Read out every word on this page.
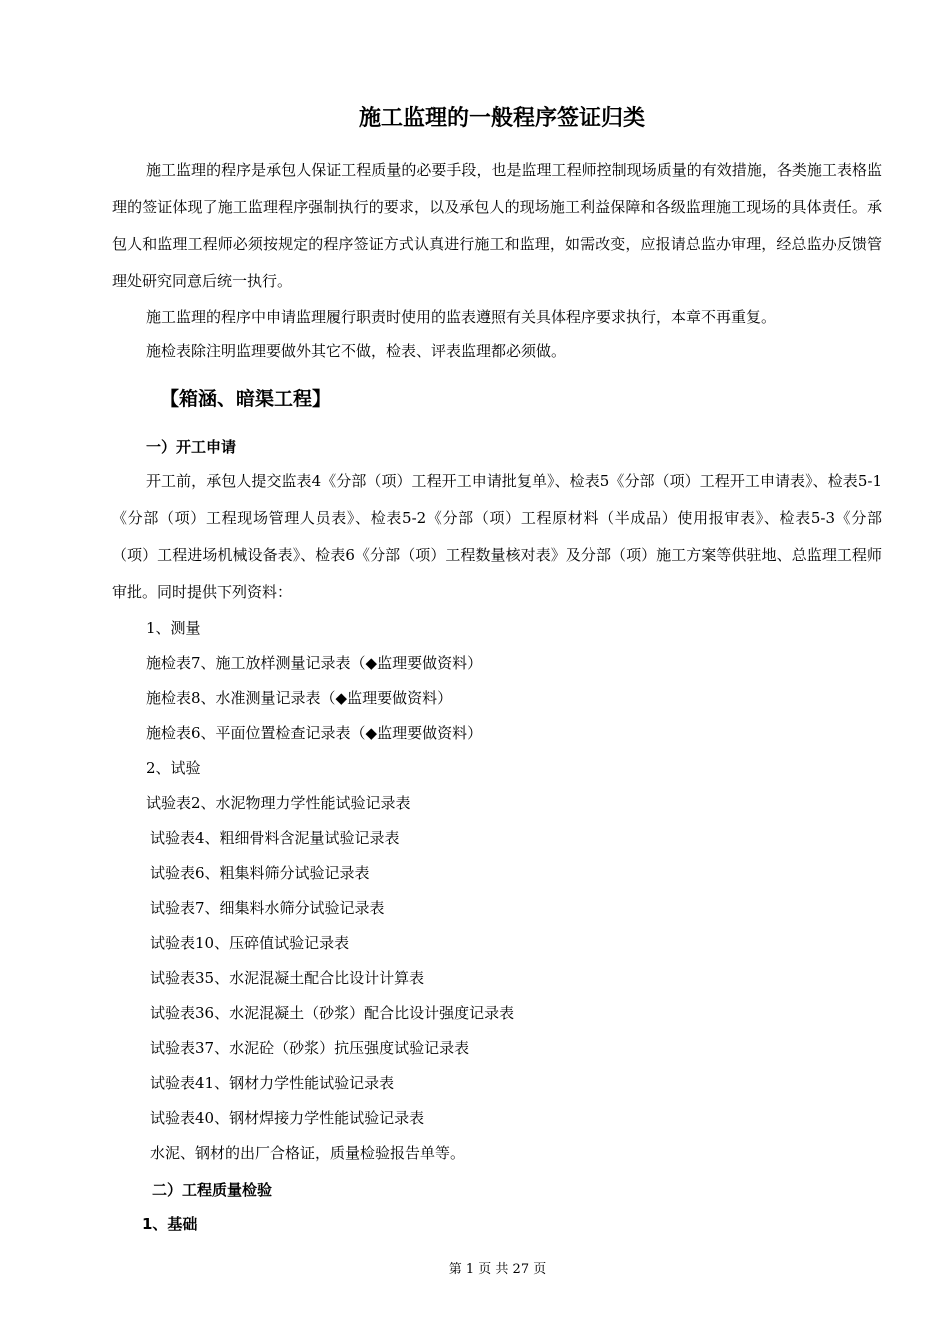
施工监理的一般程序签证归类

施工监理的程序是承包人保证工程质量的必要手段，也是监理工程师控制现场质量的有效措施，各类施工表格监理的签证体现了施工监理程序强制执行的要求，以及承包人的现场施工利益保障和各级监理施工现场的具体责任。承包人和监理工程师必须按规定的程序签证方式认真进行施工和监理，如需改变，应报请总监办审理，经总监办反馈管理处研究同意后统一执行。

施工监理的程序中申请监理履行职责时使用的监表遵照有关具体程序要求执行，本章不再重复。

施检表除注明监理要做外其它不做，检表、评表监理都必须做。

【箱涵、暗渠工程】
一）开工申请

开工前，承包人提交监表4《分部（项）工程开工申请批复单》、检表5《分部（项）工程开工申请表》、检表5-1《分部（项）工程现场管理人员表》、检表5-2《分部（项）工程原材料（半成品）使用报审表》、检表5-3《分部（项）工程进场机械设备表》、检表6《分部（项）工程数量核对表》及分部（项）施工方案等供驻地、总监理工程师审批。同时提供下列资料：

1、测量
施检表7、施工放样测量记录表（◆监理要做资料）
施检表8、水准测量记录表（◆监理要做资料）
施检表6、平面位置检查记录表（◆监理要做资料）
2、试验
试验表2、水泥物理力学性能试验记录表
试验表4、粗细骨料含泥量试验记录表
试验表6、粗集料筛分试验记录表
试验表7、细集料水筛分试验记录表
试验表10、压碎值试验记录表
试验表35、水泥混凝土配合比设计计算表
试验表36、水泥混凝土（砂浆）配合比设计强度记录表
试验表37、水泥砼（砂浆）抗压强度试验记录表
试验表41、钢材力学性能试验记录表
试验表40、钢材焊接力学性能试验记录表
水泥、钢材的出厂合格证，质量检验报告单等。
二）工程质量检验
1、基础
第 1 页 共 27 页
